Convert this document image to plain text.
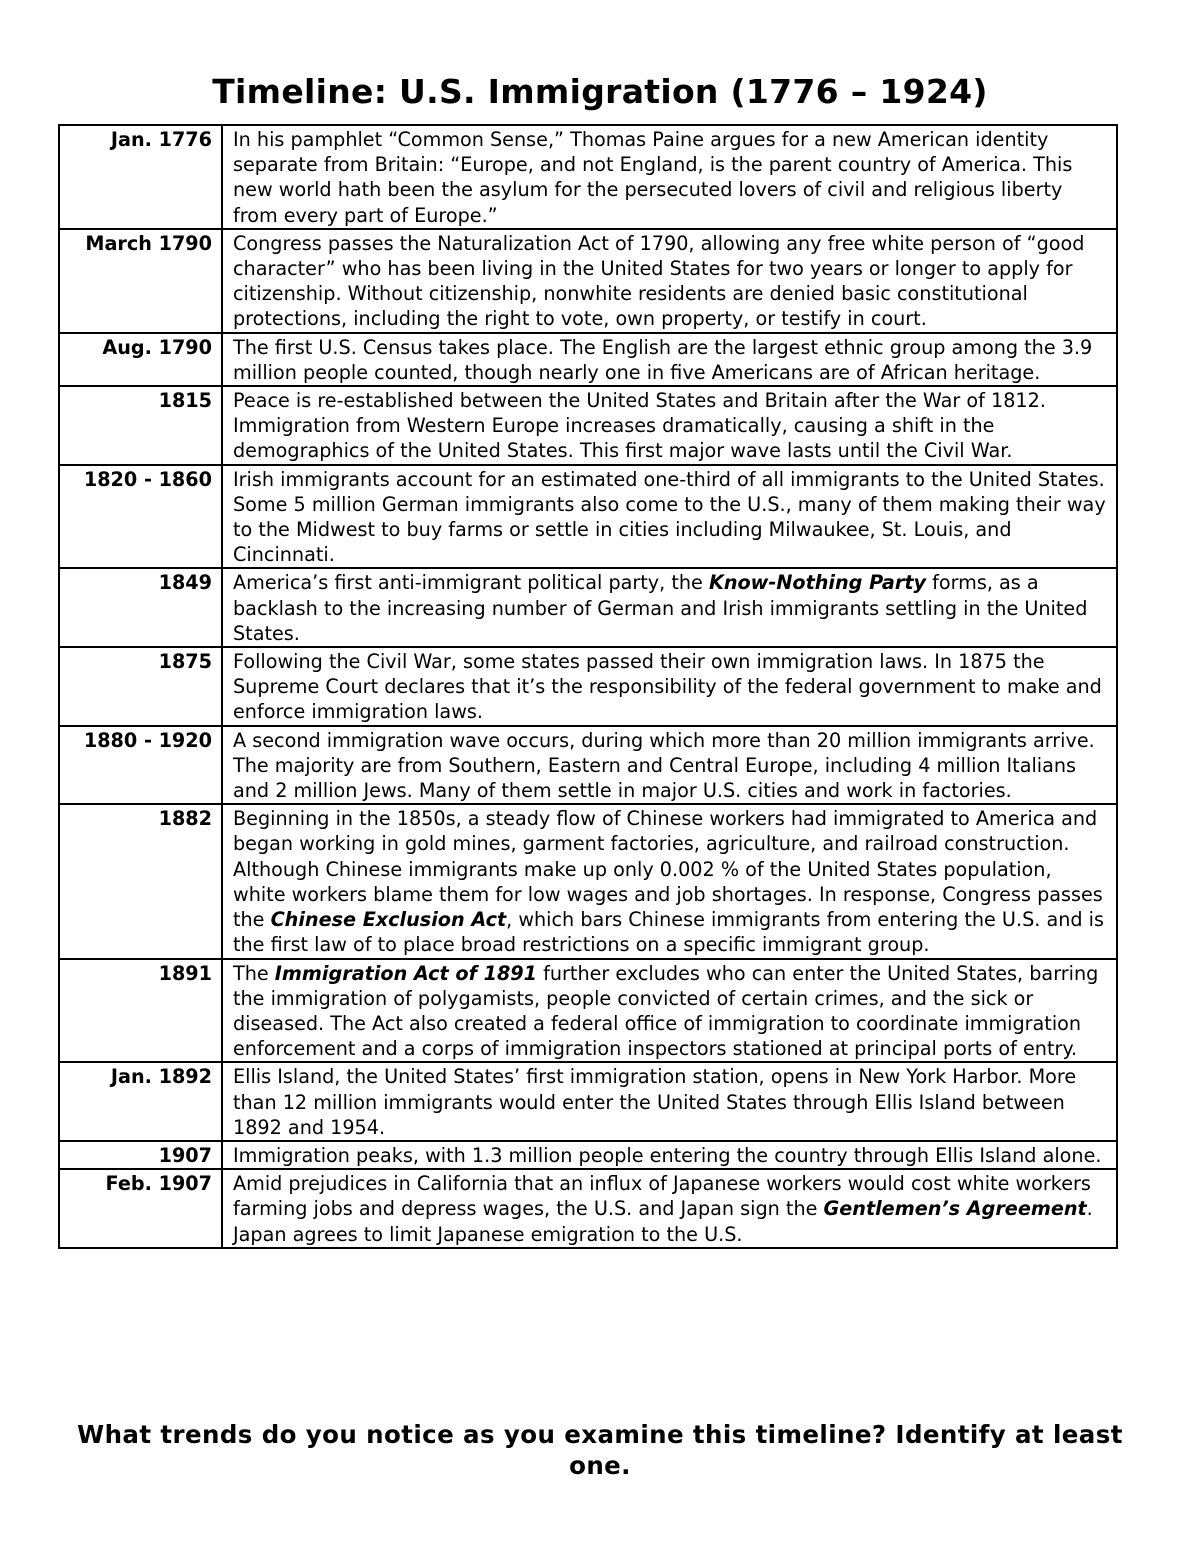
Timeline: U.S. Immigration (1776 – 1924)
Jan. 1776	In his pamphlet “Common Sense,” Thomas Paine argues for a new American identity separate from Britain: “Europe, and not England, is the parent country of America. This new world hath been the asylum for the persecuted lovers of civil and religious liberty from every part of Europe.”
March 1790	Congress passes the Naturalization Act of 1790, allowing any free white person of “good character” who has been living in the United States for two years or longer to apply for citizenship. Without citizenship, nonwhite residents are denied basic constitutional protections, including the right to vote, own property, or testify in court.
Aug. 1790	The first U.S. Census takes place. The English are the largest ethnic group among the 3.9 million people counted, though nearly one in five Americans are of African heritage.
1815	Peace is re-established between the United States and Britain after the War of 1812. Immigration from Western Europe increases dramatically, causing a shift in the demographics of the United States. This first major wave lasts until the Civil War.
1820 - 1860	Irish immigrants account for an estimated one-third of all immigrants to the United States. Some 5 million German immigrants also come to the U.S., many of them making their way to the Midwest to buy farms or settle in cities including Milwaukee, St. Louis, and Cincinnati.
1849	America’s first anti-immigrant political party, the Know-Nothing Party forms, as a backlash to the increasing number of German and Irish immigrants settling in the United States.
1875	Following the Civil War, some states passed their own immigration laws. In 1875 the Supreme Court declares that it’s the responsibility of the federal government to make and enforce immigration laws.
1880 - 1920	A second immigration wave occurs, during which more than 20 million immigrants arrive. The majority are from Southern, Eastern and Central Europe, including 4 million Italians and 2 million Jews. Many of them settle in major U.S. cities and work in factories.
1882	Beginning in the 1850s, a steady flow of Chinese workers had immigrated to America and began working in gold mines, garment factories, agriculture, and railroad construction. Although Chinese immigrants make up only 0.002 % of the United States population, white workers blame them for low wages and job shortages. In response, Congress passes the Chinese Exclusion Act, which bars Chinese immigrants from entering the U.S. and is the first law of to place broad restrictions on a specific immigrant group.
1891	The Immigration Act of 1891 further excludes who can enter the United States, barring the immigration of polygamists, people convicted of certain crimes, and the sick or diseased. The Act also created a federal office of immigration to coordinate immigration enforcement and a corps of immigration inspectors stationed at principal ports of entry.
Jan. 1892	Ellis Island, the United States’ first immigration station, opens in New York Harbor. More than 12 million immigrants would enter the United States through Ellis Island between 1892 and 1954.
1907	Immigration peaks, with 1.3 million people entering the country through Ellis Island alone.
Feb. 1907	Amid prejudices in California that an influx of Japanese workers would cost white workers farming jobs and depress wages, the U.S. and Japan sign the Gentlemen’s Agreement. Japan agrees to limit Japanese emigration to the U.S.
What trends do you notice as you examine this timeline? Identify at least one.
